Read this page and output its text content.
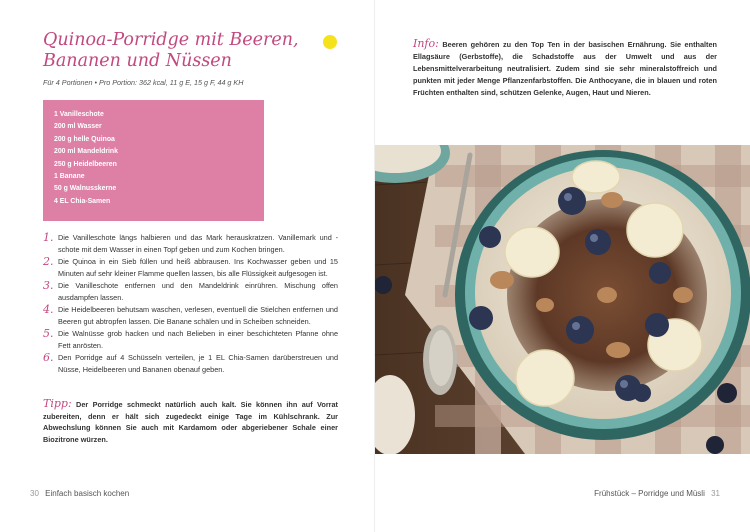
Quinoa-Porridge mit Beeren, Bananen und Nüssen
Für 4 Portionen • Pro Portion: 362 kcal, 11 g E, 15 g F, 44 g KH
1 Vanilleschote
200 ml Wasser
200 g helle Quinoa
200 ml Mandeldrink
250 g Heidelbeeren
1 Banane
50 g Walnusskerne
4 EL Chia-Samen
1. Die Vanilleschote längs halbieren und das Mark herauskratzen. Vanillemark und -schote mit dem Wasser in einen Topf geben und zum Kochen bringen.
2. Die Quinoa in ein Sieb füllen und heiß abbrausen. Ins Kochwasser geben und 15 Minuten auf sehr kleiner Flamme quellen lassen, bis alle Flüssigkeit aufgesogen ist.
3. Die Vanilleschote entfernen und den Mandeldrink einrühren. Mischung offen ausdampfen lassen.
4. Die Heidelbeeren behutsam waschen, verlesen, eventuell die Stielchen entfernen und Beeren gut abtropfen lassen. Die Banane schälen und in Scheiben schneiden.
5. Die Walnüsse grob hacken und nach Belieben in einer beschichteten Pfanne ohne Fett anrösten.
6. Den Porridge auf 4 Schüsseln verteilen, je 1 EL Chia-Samen darüberstreuen und Nüsse, Heidelbeeren und Bananen obenauf geben.
Tipp: Der Porridge schmeckt natürlich auch kalt. Sie können ihn auf Vorrat zubereiten, denn er hält sich zugedeckt einige Tage im Kühlschrank. Zur Abwechslung können Sie auch mit Kardamom oder abgeriebener Schale einer Biozitrone würzen.
30 Einfach basisch kochen
Info: Beeren gehören zu den Top Ten in der basischen Ernährung. Sie enthalten Ellagsäure (Gerbstoffe), die Schadstoffe aus der Umwelt und aus der Lebensmittelverarbeitung neutralisiert. Zudem sind sie sehr mineralstoffreich und punkten mit jeder Menge Pflanzenfarbstoffen. Die Anthocyane, die in blauen und roten Früchten enthalten sind, schützen Gelenke, Augen, Haut und Nieren.
Frühstück – Porridge und Müsli 31
